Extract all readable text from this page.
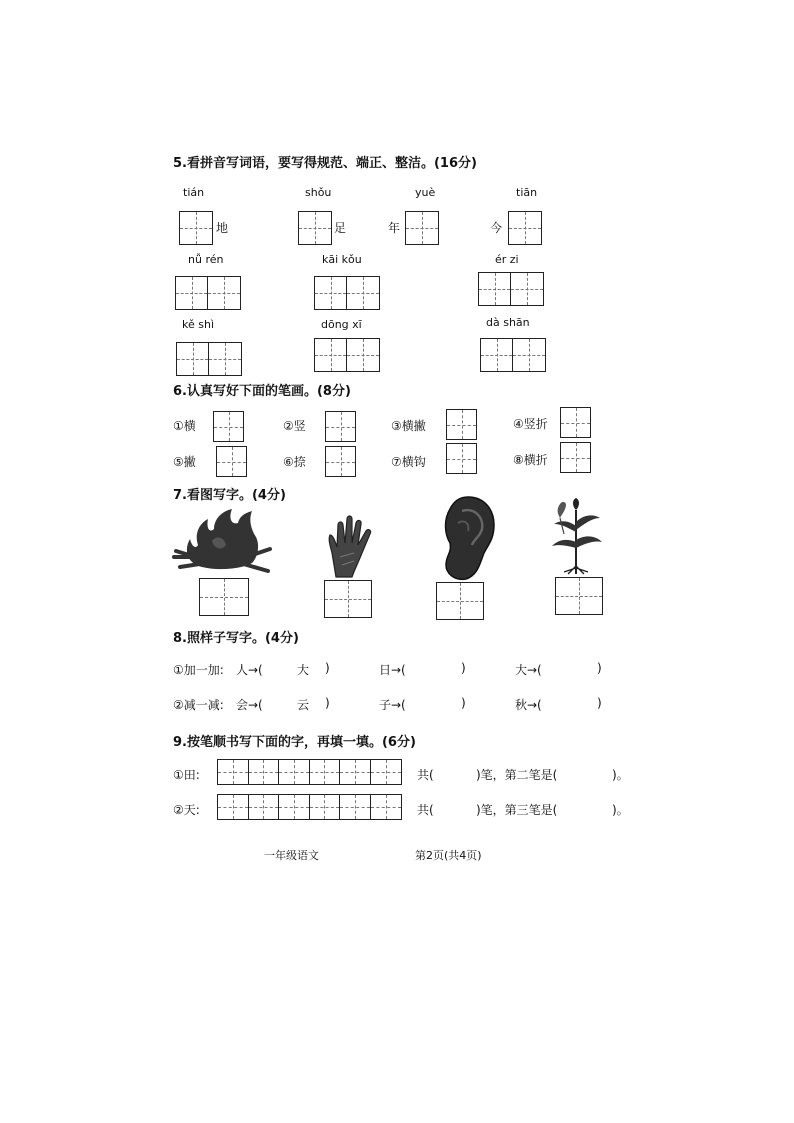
5.看拼音写词语，要写得规范、端正、整洁。(16分)
tián	shǒu	yuè	tiān
地	足	年	今
nǚ rén	kāi kǒu	ér zi
kě shì	dōng xī	dà shān
6.认真写好下面的笔画。(8分)
①横	②竖	③横撇	④竖折
⑤撇	⑥捺	⑦横钩	⑧横折
7.看图写字。(4分)
8.照样子写字。(4分)
①加一加: 人→(	大 )	日→(	)	大→(	)
②减一减: 会→(	云 )	子→(	)	秋→(	)
9.按笔顺书写下面的字，再填一填。(6分)
①田:	共(	)笔，第二笔是(	)。
②天:	共(	)笔，第三笔是(	)。
一年级语文	第2页(共4页)
